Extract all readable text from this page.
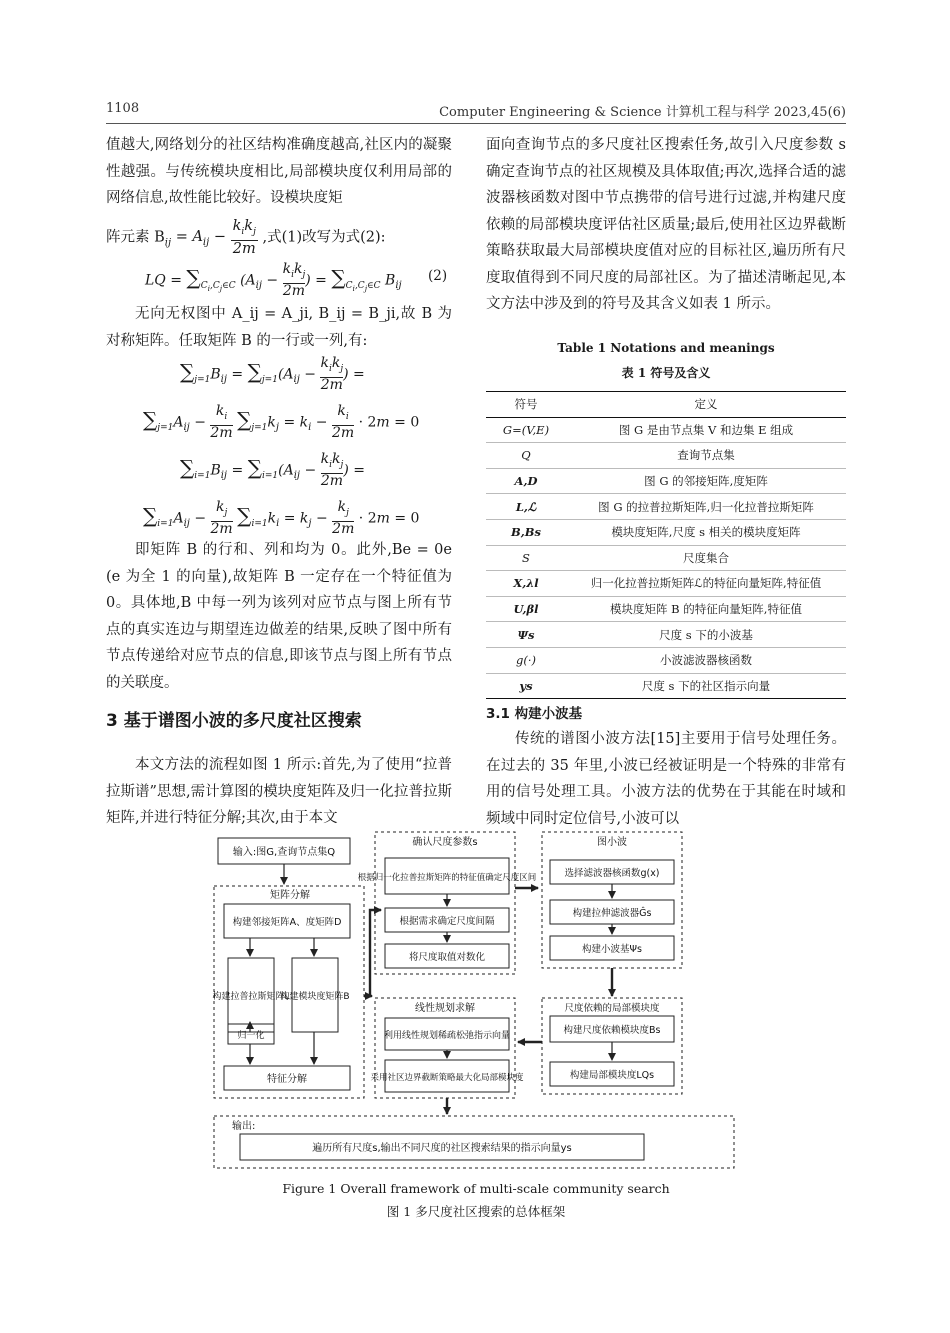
1108	Computer Engineering & Science 计算机工程与科学 2023,45(6)

值越大,网络划分的社区结构准确度越高,社区内的凝聚性越强。与传统模块度相比,局部模块度仅利用局部的网络信息,故性能比较好。设模块度矩

阵元素 $B_{ij} = A_{ij}$ −
$k_ik_j$
2m
,式(1)改写为式(2):
LQ = $\sum_{C_i,C_j\in C}$ ($A_{ij}$ −
$k_ik_j$
2m
) = $\sum_{C_i,C_j\in C}$ $B_{ij}$
(2)

无向无权图中 A_ij = A_ji, B_ij = B_ji,故 B 为对称矩阵。任取矩阵 B 的一行或一列,有:

$\sum_{j=1}B_{ij} = \sum_{j=1}(A_{ij}$ −
$k_ik_j$
2m
) =
$\sum_{j=1}A_{ij} - \frac{k_i}{2m} \sum_{j=1}k_j = k_i - \frac{k_i}{2m} \cdot 2m = 0$
$\sum_{i=1}B_{ij} = \sum_{i=1}(A_{ij}$ −
$k_ik_j$
2m
) =
$\sum_{i=1}A_{ij} - \frac{k_j}{2m} \sum_{i=1}k_i = k_j - \frac{k_j}{2m} \cdot 2m = 0$

即矩阵 B 的行和、列和均为 0。此外,Be = 0e (e 为全 1 的向量),故矩阵 B 一定存在一个特征值为 0。具体地,B 中每一列为该列对应节点与图上所有节点的真实连边与期望连边做差的结果,反映了图中所有节点传递给对应节点的信息,即该节点与图上所有节点的关联度。

3 基于谱图小波的多尺度社区搜索

本文方法的流程如图 1 所示:首先,为了使用“拉普拉斯谱”思想,需计算图的模块度矩阵及归一化拉普拉斯矩阵,并进行特征分解;其次,由于本文

面向查询节点的多尺度社区搜索任务,故引入尺度参数 s 确定查询节点的社区规模及具体取值;再次,选择合适的滤波器核函数对图中节点携带的信号进行过滤,并构建尺度依赖的局部模块度评估社区质量;最后,使用社区边界截断策略获取最大局部模块度值对应的目标社区,遍历所有尺度取值得到不同尺度的局部社区。为了描述清晰起见,本文方法中涉及到的符号及其含义如表 1 所示。

Table 1 Notations and meanings
表 1 符号及含义
符号	定义
G=(V,E)	图 G 是由节点集 V 和边集 E 组成
Q	查询节点集
A,D	图 G 的邻接矩阵,度矩阵
L,ℒ	图 G 的拉普拉斯矩阵,归一化拉普拉斯矩阵
B,Bs	模块度矩阵,尺度 s 相关的模块度矩阵
S	尺度集合
X,λl	归一化拉普拉斯矩阵ℒ的特征向量矩阵,特征值
U,βl	模块度矩阵 B 的特征向量矩阵,特征值
Ψs	尺度 s 下的小波基
g(·)	小波滤波器核函数
ys	尺度 s 下的社区指示向量
3.1 构建小波基

传统的谱图小波方法[15]主要用于信号处理任务。在过去的 35 年里,小波已经被证明是一个特殊的非常有用的信号处理工具。小波方法的优势在于其能在时域和频域中同时定位信号,小波可以

输入:图G,查询节点集Q
矩阵分解
构建邻接矩阵A、度矩阵D
构建拉普拉斯矩阵L
构建模块度矩阵B
归一化
特征分解
确认尺度参数s
根据归一化拉普拉斯矩阵的特征值确定尺度区间
根据需求确定尺度间隔
将尺度取值对数化
图小波
选择滤波器核函数g(x)
构建拉伸滤波器Ĝs
构建小波基Ψs
线性规划求解
利用线性规划稀疏松弛指示向量
采用社区边界截断策略最大化局部模块度
尺度依赖的局部模块度
构建尺度依赖模块度Bs
构建局部模块度LQs
输出:
遍历所有尺度s,输出不同尺度的社区搜索结果的指示向量ys
Figure 1 Overall framework of multi-scale community search
图 1 多尺度社区搜索的总体框架
